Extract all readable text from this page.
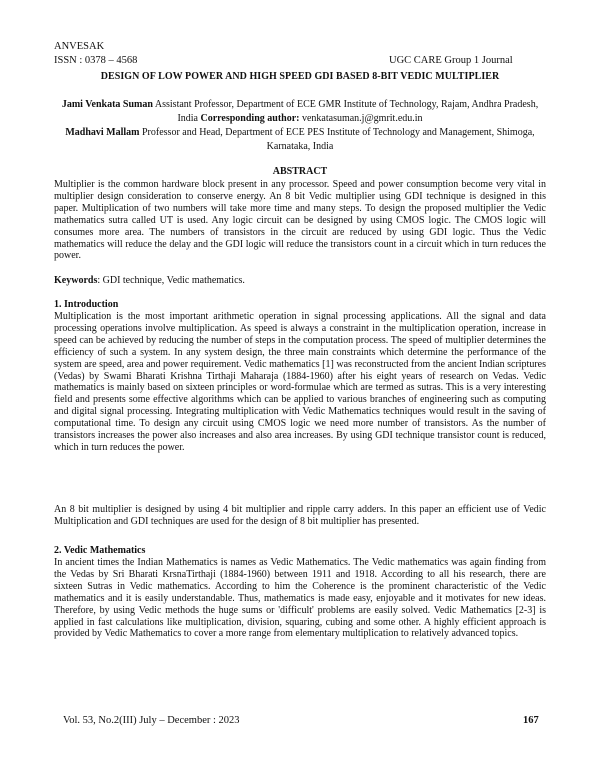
ANVESAK
ISSN : 0378 – 4568	UGC CARE Group 1 Journal
DESIGN OF LOW POWER AND HIGH SPEED GDI BASED 8-BIT VEDIC MULTIPLIER
Jami Venkata Suman Assistant Professor, Department of ECE GMR Institute of Technology, Rajam, Andhra Pradesh, India Corresponding author: venkatasuman.j@gmrit.edu.in
Madhavi Mallam Professor and Head, Department of ECE PES Institute of Technology and Management, Shimoga, Karnataka, India
ABSTRACT

Multiplier is the common hardware block present in any processor. Speed and power consumption become very vital in multiplier design consideration to conserve energy. An 8 bit Vedic multiplier using GDI technique is designed in this paper. Multiplication of two numbers will take more time and many steps. To design the proposed multiplier the Vedic mathematics sutra called UT is used. Any logic circuit can be designed by using CMOS logic. The CMOS logic will consumes more area. The numbers of transistors in the circuit are reduced by using GDI logic. Thus the Vedic mathematics will reduce the delay and the GDI logic will reduce the transistors count in a circuit which in turn reduces the power.

Keywords: GDI technique, Vedic mathematics.

1. Introduction

Multiplication is the most important arithmetic operation in signal processing applications. All the signal and data processing operations involve multiplication. As speed is always a constraint in the multiplication operation, increase in speed can be achieved by reducing the number of steps in the computation process. The speed of multiplier determines the efficiency of such a system. In any system design, the three main constraints which determine the performance of the system are speed, area and power requirement. Vedic mathematics [1] was reconstructed from the ancient Indian scriptures (Vedas) by Swami Bharati Krishna Tirthaji Maharaja (1884-1960) after his eight years of research on Vedas. Vedic mathematics is mainly based on sixteen principles or word-formulae which are termed as sutras. This is a very interesting field and presents some effective algorithms which can be applied to various branches of engineering such as computing and digital signal processing. Integrating multiplication with Vedic Mathematics techniques would result in the saving of computational time. To design any circuit using CMOS logic we need more number of transistors. As the number of transistors increases the power also increases and also area increases. By using GDI technique transistor count is reduced, which in turn reduces the power.

An 8 bit multiplier is designed by using 4 bit multiplier and ripple carry adders. In this paper an efficient use of Vedic Multiplication and GDI techniques are used for the design of 8 bit multiplier has presented.

2. Vedic Mathematics

In ancient times the Indian Mathematics is names as Vedic Mathematics. The Vedic mathematics was again finding from the Vedas by Sri Bharati KrsnaTirthaji (1884-1960) between 1911 and 1918. According to all his research, there are sixteen Sutras in Vedic mathematics. According to him the Coherence is the prominent characteristic of the Vedic mathematics and it is easily understandable. Thus, mathematics is made easy, enjoyable and it motivates for new ideas. Therefore, by using Vedic methods the huge sums or 'difficult' problems are easily solved. Vedic Mathematics [2-3] is applied in fast calculations like multiplication, division, squaring, cubing and some other. A highly efficient approach is provided by Vedic Mathematics to cover a more range from elementary multiplication to relatively advanced topics.

Vol. 53, No.2(III) July – December : 2023	167
